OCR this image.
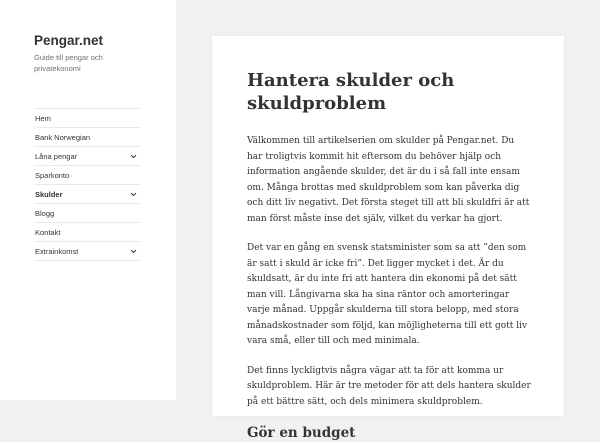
Pengar.net

Guide till pengar och privatekonomi

Hem
Bank Norwegian
Låna pengar
Sparkonto
Skulder
Blogg
Kontakt
Extrainkomst
Hantera skulder och skuldproblem

Välkommen till artikelserien om skulder på Pengar.net. Du har troligtvis kommit hit eftersom du behöver hjälp och information angående skulder, det är du i så fall inte ensam om. Många brottas med skuldproblem som kan påverka dig och ditt liv negativt. Det första steget till att bli skuldfri är att man först måste inse det själv, vilket du verkar ha gjort.

Det var en gång en svensk statsminister som sa att ”den som är satt i skuld är icke fri”. Det ligger mycket i det. Är du skuldsatt, är du inte fri att hantera din ekonomi på det sätt man vill. Långivarna ska ha sina räntor och amorteringar varje månad. Uppgår skulderna till stora belopp, med stora månadskostnader som följd, kan möjligheterna till ett gott liv vara små, eller till och med minimala.

Det finns lyckligtvis några vägar att ta för att komma ur skuldproblem. Här är tre metoder för att dels hantera skulder på ett bättre sätt, och dels minimera skuldproblem.

Gör en budget
